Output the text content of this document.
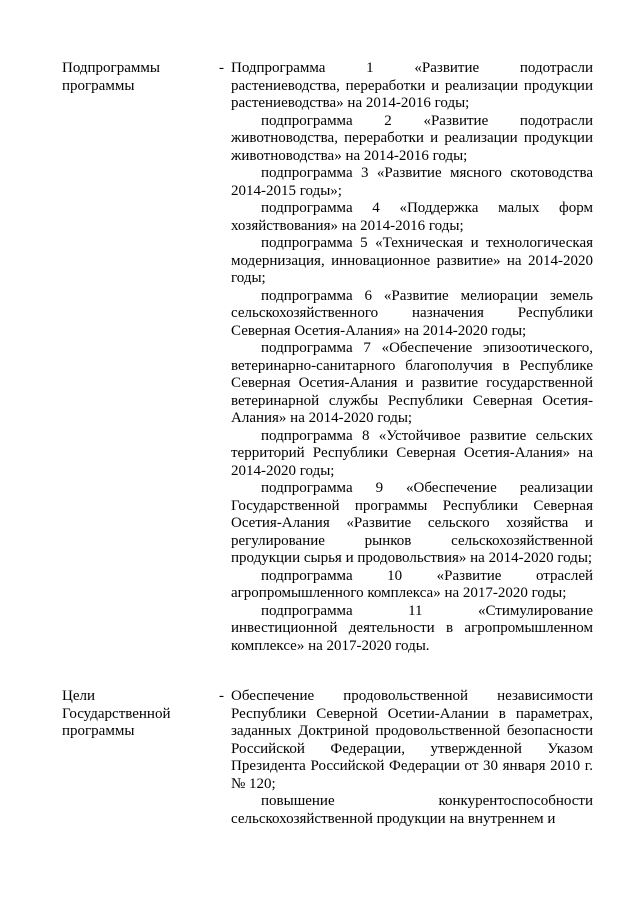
Подпрограммы программы
- Подпрограмма 1 «Развитие подотрасли растениеводства, переработки и реализации продукции растениеводства» на 2014-2016 годы;

подпрограмма 2 «Развитие подотрасли животноводства, переработки и реализации продукции животноводства» на 2014-2016 годы;

подпрограмма 3 «Развитие мясного скотоводства 2014-2015 годы»;

подпрограмма 4 «Поддержка малых форм хозяйствования» на 2014-2016 годы;

подпрограмма 5 «Техническая и технологическая модернизация, инновационное развитие» на 2014-2020 годы;

подпрограмма 6 «Развитие мелиорации земель сельскохозяйственного назначения Республики Северная Осетия-Алания» на 2014-2020 годы;

подпрограмма 7 «Обеспечение эпизоотического, ветеринарно-санитарного благополучия в Республике Северная Осетия-Алания и развитие государственной ветеринарной службы Республики Северная Осетия-Алания» на 2014-2020 годы;

подпрограмма 8 «Устойчивое развитие сельских территорий Республики Северная Осетия-Алания» на 2014-2020 годы;

подпрограмма 9 «Обеспечение реализации Государственной программы Республики Северная Осетия-Алания «Развитие сельского хозяйства и регулирование рынков сельскохозяйственной продукции сырья и продовольствия» на 2014-2020 годы;

подпрограмма 10 «Развитие отраслей агропромышленного комплекса» на 2017-2020 годы;

подпрограмма 11 «Стимулирование инвестиционной деятельности в агропромышленном комплексе» на 2017-2020 годы.

Цели Государственной программы
- Обеспечение продовольственной независимости Республики Северной Осетии-Алании в параметрах, заданных Доктриной продовольственной безопасности Российской Федерации, утвержденной Указом Президента Российской Федерации от 30 января 2010 г. № 120;

повышение конкурентоспособности сельскохозяйственной продукции на внутреннем и
